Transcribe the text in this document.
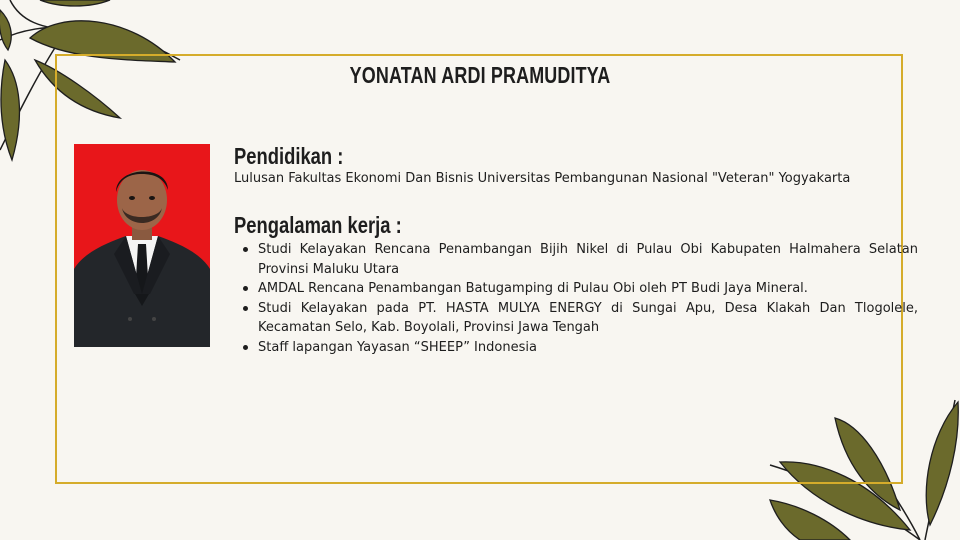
YONATAN ARDI PRAMUDITYA
Pendidikan :
Lulusan Fakultas Ekonomi Dan Bisnis Universitas Pembangunan Nasional "Veteran" Yogyakarta
Pengalaman kerja :
Studi Kelayakan Rencana Penambangan Bijih Nikel di Pulau Obi Kabupaten Halmahera Selatan Provinsi Maluku Utara
AMDAL Rencana Penambangan Batugamping di Pulau Obi oleh PT Budi Jaya Mineral.
Studi Kelayakan pada PT. HASTA MULYA ENERGY di Sungai Apu, Desa Klakah Dan Tlogolele, Kecamatan Selo, Kab. Boyolali, Provinsi Jawa Tengah
Staff lapangan Yayasan “SHEEP” Indonesia
